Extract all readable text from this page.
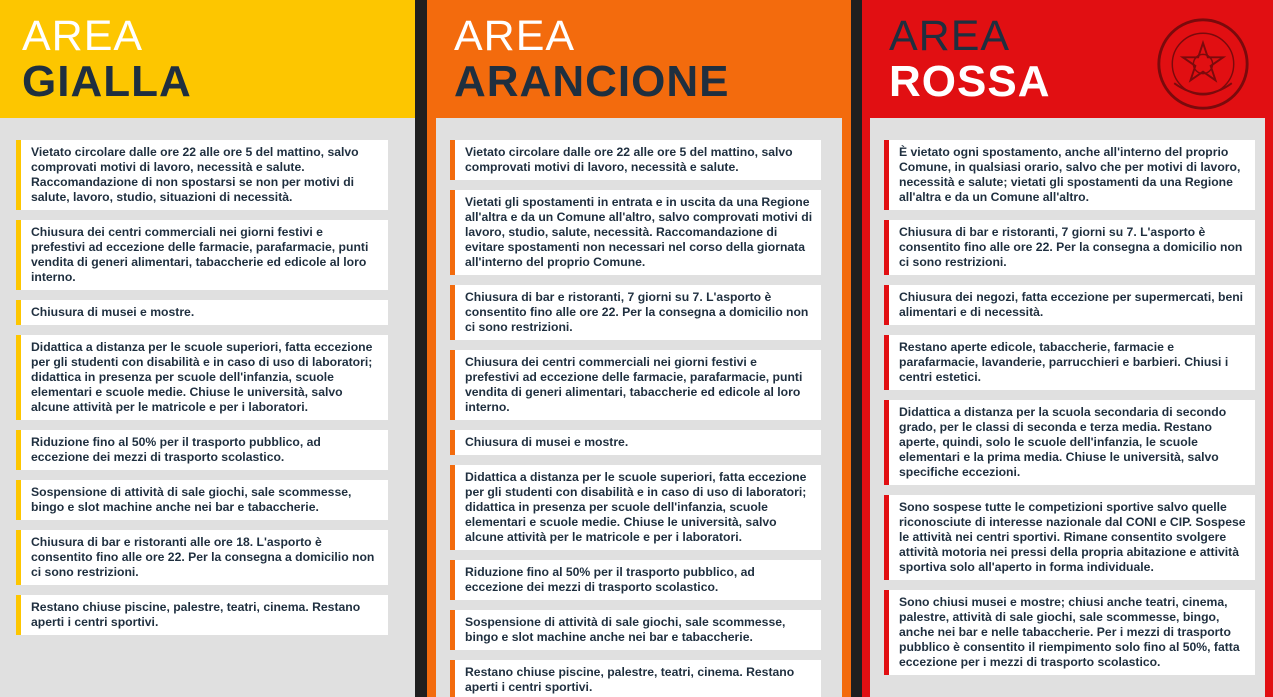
AREA
GIALLA
Vietato circolare dalle ore 22 alle ore 5 del mattino, salvo comprovati motivi di lavoro, necessità e salute. Raccomandazione di non spostarsi se non per motivi di salute, lavoro, studio, situazioni di necessità.
Chiusura dei centri commerciali nei giorni festivi e prefestivi ad eccezione delle farmacie, parafarmacie, punti vendita di generi alimentari, tabaccherie ed edicole al loro interno.
Chiusura di musei e mostre.
Didattica a distanza per le scuole superiori, fatta eccezione per gli studenti con disabilità e in caso di uso di laboratori; didattica in presenza per scuole dell'infanzia, scuole elementari e scuole medie. Chiuse le università, salvo alcune attività per le matricole e per i laboratori.
Riduzione fino al 50% per il trasporto pubblico, ad eccezione dei mezzi di trasporto scolastico.
Sospensione di attività di sale giochi, sale scommesse, bingo e slot machine anche nei bar e tabaccherie.
Chiusura di bar e ristoranti alle ore 18. L'asporto è consentito fino alle ore 22. Per la consegna a domicilio non ci sono restrizioni.
Restano chiuse piscine, palestre, teatri, cinema. Restano aperti i centri sportivi.
AREA
ARANCIONE
Vietato circolare dalle ore 22 alle ore 5 del mattino, salvo comprovati motivi di lavoro, necessità e salute.
Vietati gli spostamenti in entrata e in uscita da una Regione all'altra e da un Comune all'altro, salvo comprovati motivi di lavoro, studio, salute, necessità. Raccomandazione di evitare spostamenti non necessari nel corso della giornata all'interno del proprio Comune.
Chiusura di bar e ristoranti, 7 giorni su 7. L'asporto è consentito fino alle ore 22. Per la consegna a domicilio non ci sono restrizioni.
Chiusura dei centri commerciali nei giorni festivi e prefestivi ad eccezione delle farmacie, parafarmacie, punti vendita di generi alimentari, tabaccherie ed edicole al loro interno.
Chiusura di musei e mostre.
Didattica a distanza per le scuole superiori, fatta eccezione per gli studenti con disabilità e in caso di uso di laboratori; didattica in presenza per scuole dell'infanzia, scuole elementari e scuole medie. Chiuse le università, salvo alcune attività per le matricole e per i laboratori.
Riduzione fino al 50% per il trasporto pubblico, ad eccezione dei mezzi di trasporto scolastico.
Sospensione di attività di sale giochi, sale scommesse, bingo e slot machine anche nei bar e tabaccherie.
Restano chiuse piscine, palestre, teatri, cinema. Restano aperti i centri sportivi.
AREA
ROSSA
È vietato ogni spostamento, anche all'interno del proprio Comune, in qualsiasi orario, salvo che per motivi di lavoro, necessità e salute; vietati gli spostamenti da una Regione all'altra e da un Comune all'altro.
Chiusura di bar e ristoranti, 7 giorni su 7. L'asporto è consentito fino alle ore 22. Per la consegna a domicilio non ci sono restrizioni.
Chiusura dei negozi, fatta eccezione per supermercati, beni alimentari e di necessità.
Restano aperte edicole, tabaccherie, farmacie e parafarmacie, lavanderie, parrucchieri e barbieri. Chiusi i centri estetici.
Didattica a distanza per la scuola secondaria di secondo grado, per le classi di seconda e terza media. Restano aperte, quindi, solo le scuole dell'infanzia, le scuole elementari e la prima media. Chiuse le università, salvo specifiche eccezioni.
Sono sospese tutte le competizioni sportive salvo quelle riconosciute di interesse nazionale dal CONI e CIP. Sospese le attività nei centri sportivi. Rimane consentito svolgere attività motoria nei pressi della propria abitazione e attività sportiva solo all'aperto in forma individuale.
Sono chiusi musei e mostre; chiusi anche teatri, cinema, palestre, attività di sale giochi, sale scommesse, bingo, anche nei bar e nelle tabaccherie. Per i mezzi di trasporto pubblico è consentito il riempimento solo fino al 50%, fatta eccezione per i mezzi di trasporto scolastico.
